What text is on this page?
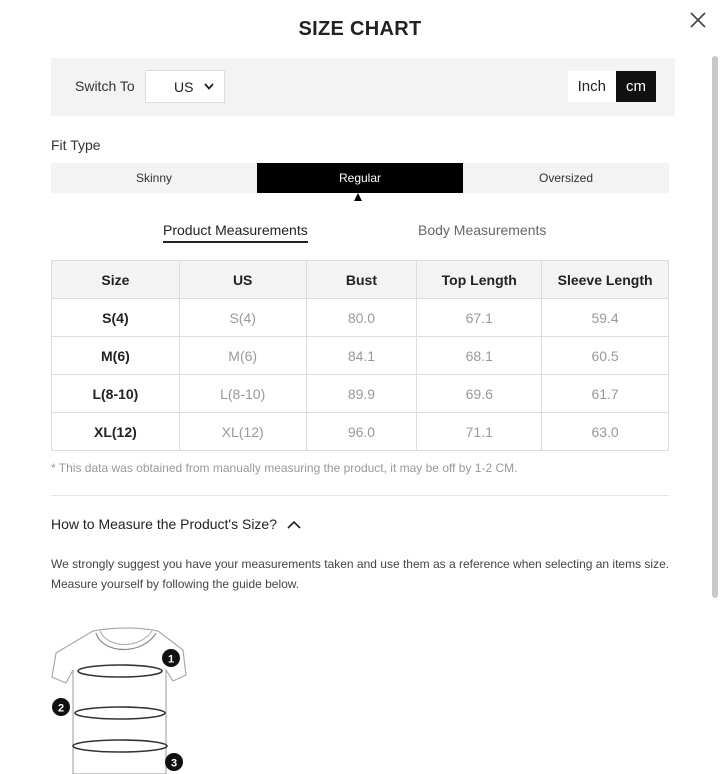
SIZE CHART
Switch To	US	Inch	cm
Fit Type
Skinny	Regular	Oversized
Product Measurements	Body Measurements
Size	US	Bust	Top Length	Sleeve Length
S(4)	S(4)	80.0	67.1	59.4
M(6)	M(6)	84.1	68.1	60.5
L(8-10)	L(8-10)	89.9	69.6	61.7
XL(12)	XL(12)	96.0	71.1	63.0
* This data was obtained from manually measuring the product, it may be off by 1-2 CM.
How to Measure the Product's Size?
We strongly suggest you have your measurements taken and use them as a reference when selecting an items size.
Measure yourself by following the guide below.
1
2
3
